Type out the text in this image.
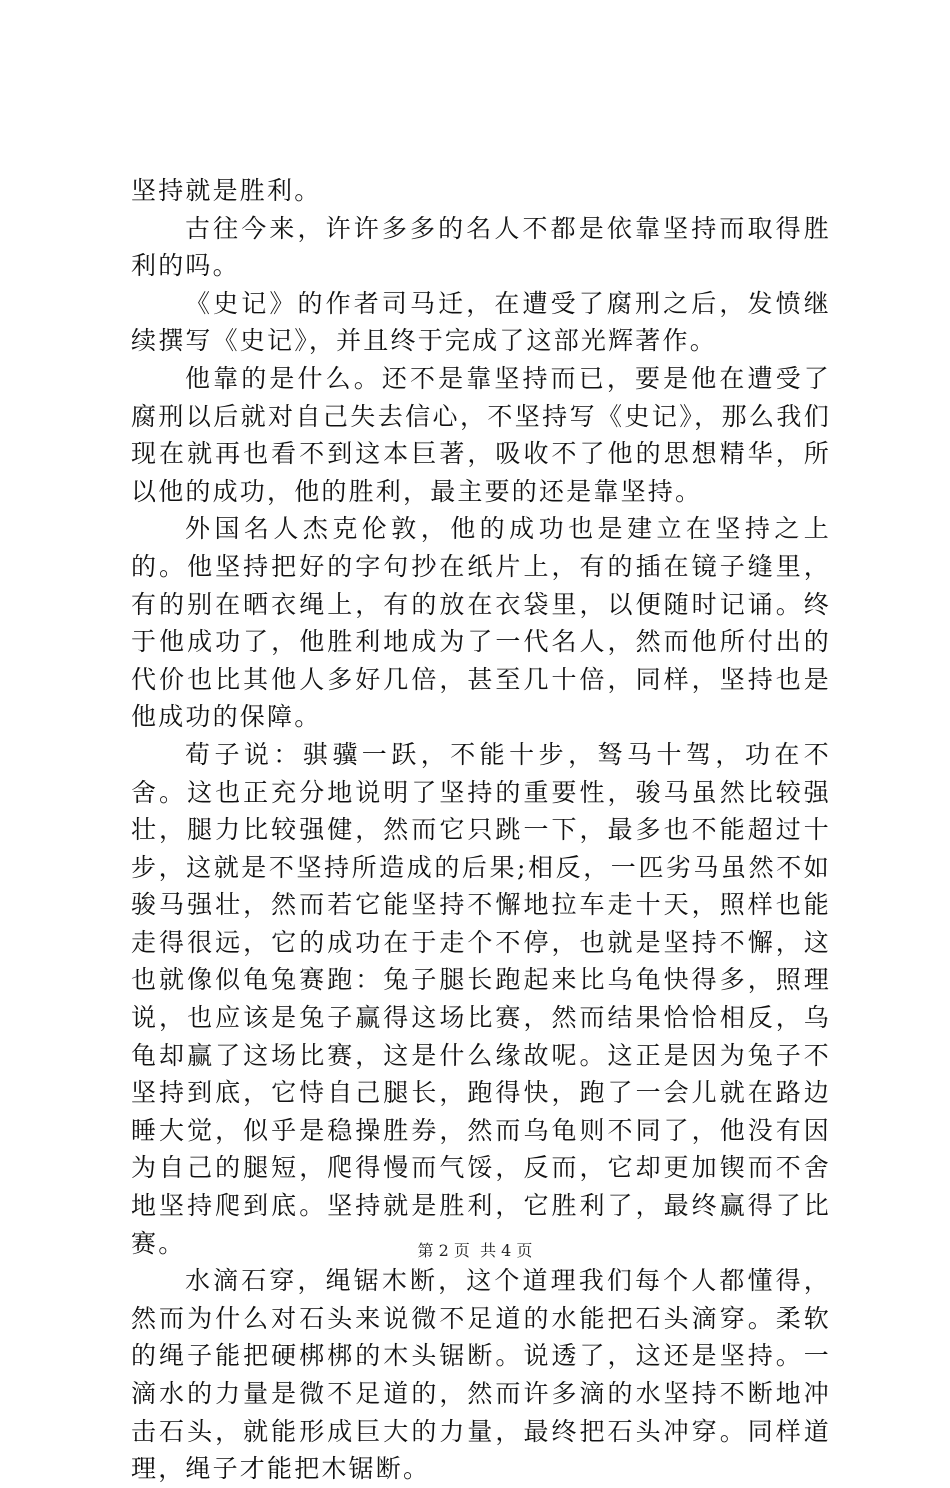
坚持就是胜利。

古往今来，许许多多的名人不都是依靠坚持而取得胜利的吗。

《史记》的作者司马迁，在遭受了腐刑之后，发愤继续撰写《史记》，并且终于完成了这部光辉著作。

他靠的是什么。还不是靠坚持而已，要是他在遭受了腐刑以后就对自己失去信心，不坚持写《史记》，那么我们现在就再也看不到这本巨著，吸收不了他的思想精华，所以他的成功，他的胜利，最主要的还是靠坚持。

外国名人杰克伦敦，他的成功也是建立在坚持之上的。他坚持把好的字句抄在纸片上，有的插在镜子缝里，有的别在晒衣绳上，有的放在衣袋里，以便随时记诵。终于他成功了，他胜利地成为了一代名人，然而他所付出的代价也比其他人多好几倍，甚至几十倍，同样，坚持也是他成功的保障。

荀子说：骐骥一跃，不能十步，驽马十驾，功在不舍。这也正充分地说明了坚持的重要性，骏马虽然比较强壮，腿力比较强健，然而它只跳一下，最多也不能超过十步，这就是不坚持所造成的后果;相反，一匹劣马虽然不如骏马强壮，然而若它能坚持不懈地拉车走十天，照样也能走得很远，它的成功在于走个不停，也就是坚持不懈，这也就像似龟兔赛跑：兔子腿长跑起来比乌龟快得多，照理说，也应该是兔子赢得这场比赛，然而结果恰恰相反，乌龟却赢了这场比赛，这是什么缘故呢。这正是因为兔子不坚持到底，它恃自己腿长，跑得快，跑了一会儿就在路边睡大觉，似乎是稳操胜券，然而乌龟则不同了，他没有因为自己的腿短，爬得慢而气馁，反而，它却更加锲而不舍地坚持爬到底。坚持就是胜利，它胜利了，最终赢得了比赛。

水滴石穿，绳锯木断，这个道理我们每个人都懂得，然而为什么对石头来说微不足道的水能把石头滴穿。柔软的绳子能把硬梆梆的木头锯断。说透了，这还是坚持。一滴水的力量是微不足道的，然而许多滴的水坚持不断地冲击石头，就能形成巨大的力量，最终把石头冲穿。同样道理，绳子才能把木锯断。

第 2 页  共 4 页
